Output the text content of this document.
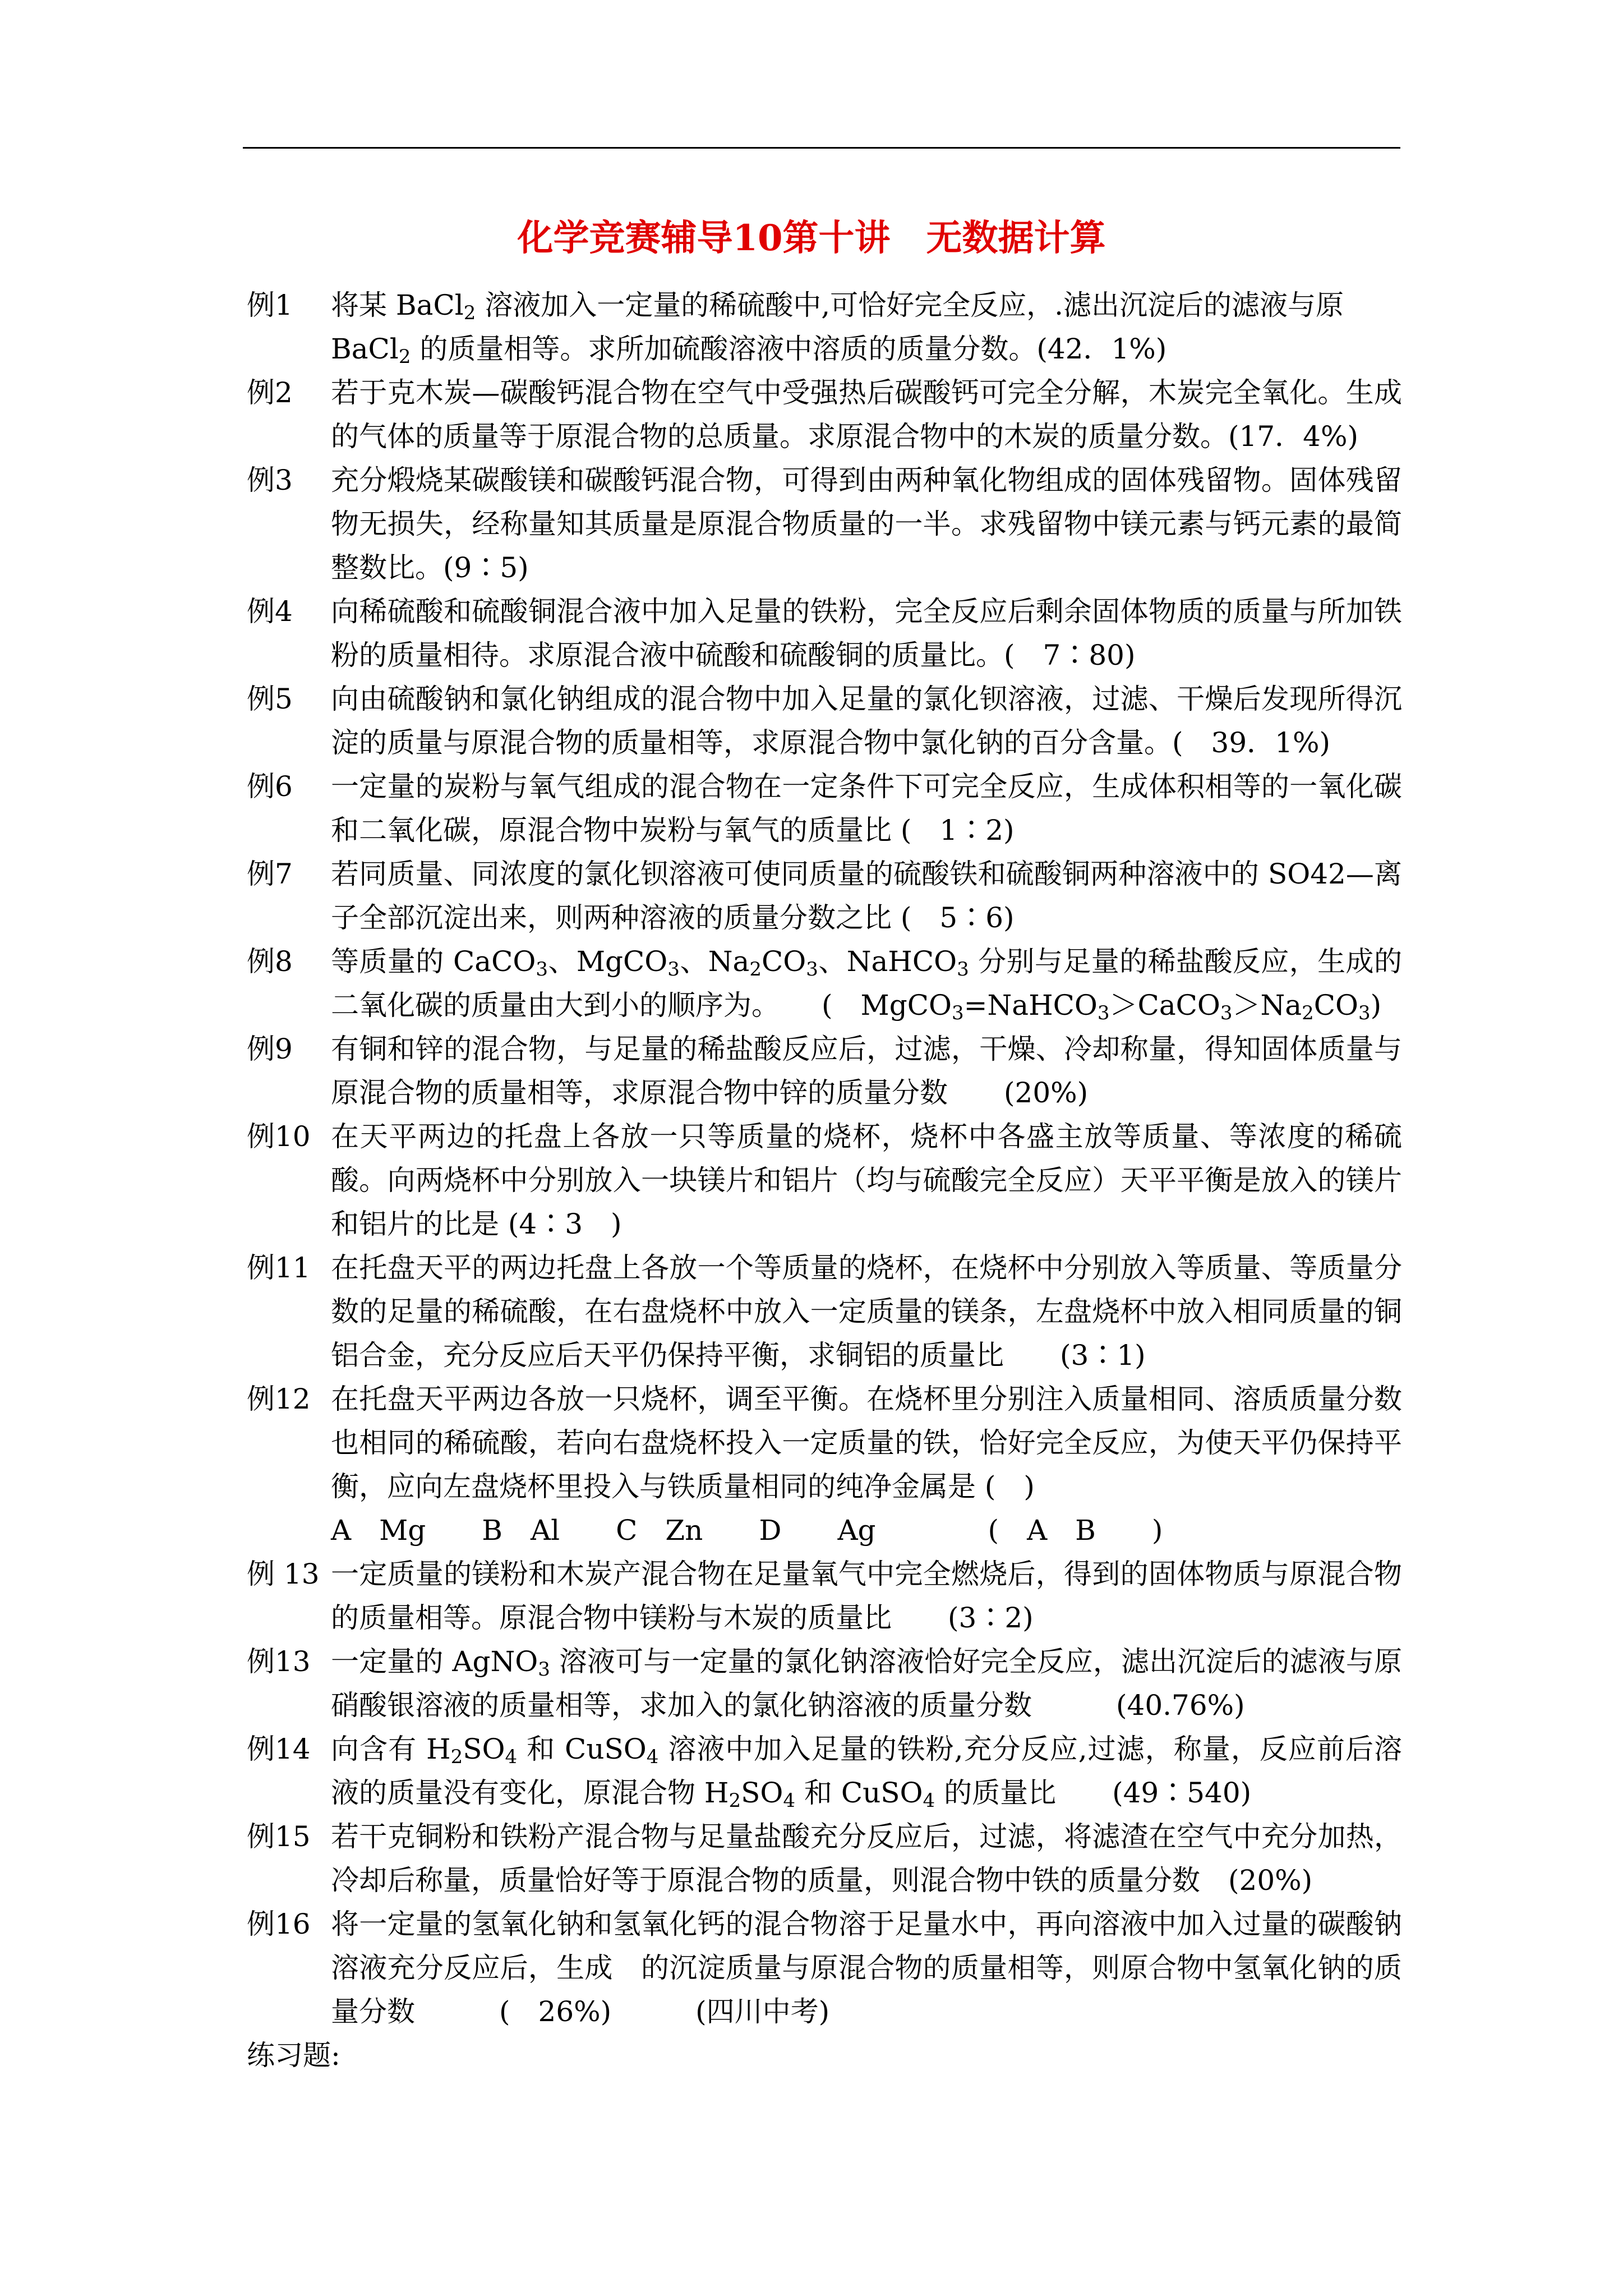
化学竞赛辅导10第十讲　无数据计算
例1	将某 BaCl$_2$ 溶液加入一定量的稀硫酸中,可恰好完全反应，.滤出沉淀后的滤液与原

BaCl$_2$ 的质量相等。求所加硫酸溶液中溶质的质量分数。(42．1%)

例2	若于克木炭—碳酸钙混合物在空气中受强热后碳酸钙可完全分解，木炭完全氧化。生成　的气体的质量等于原混合物的总质量。求原混合物中的木炭的质量分数。(17．4%)

例3	充分煅烧某碳酸镁和碳酸钙混合物，可得到由两种氧化物组成的固体残留物。固体残留物无损失，经称量知其质量是原混合物质量的一半。求残留物中镁元素与钙元素的最简整数比。(9∶5)

例4	向稀硫酸和硫酸铜混合液中加入足量的铁粉，完全反应后剩余固体物质的质量与所加铁粉的质量相待。求原混合液中硫酸和硫酸铜的质量比。(　7∶80)

例5	向由硫酸钠和氯化钠组成的混合物中加入足量的氯化钡溶液，过滤、干燥后发现所得沉淀的质量与原混合物的质量相等，求原混合物中氯化钠的百分含量。(　39．1%)

例6	一定量的炭粉与氧气组成的混合物在一定条件下可完全反应，生成体积相等的一氧化碳和二氧化碳，原混合物中炭粉与氧气的质量比 (　1∶2)

例7	若同质量、同浓度的氯化钡溶液可使同质量的硫酸铁和硫酸铜两种溶液中的 SO42—离子全部沉淀出来，则两种溶液的质量分数之比 (　5∶6)

例8	等质量的 CaCO$_3$、MgCO$_3$、$Na_2CO_3$、NaHCO$_3$ 分别与足量的稀盐酸反应，生成的二氧化碳的质量由大到小的顺序为。　　(　$MgCO_3=NaHCO_3>CaCO_3>Na_2CO_3$)

例9	有铜和锌的混合物，与足量的稀盐酸反应后，过滤，干燥、冷却称量，得知固体质量与原混合物的质量相等，求原混合物中锌的质量分数　　(20%)

例10 在天平两边的托盘上各放一只等质量的烧杯，烧杯中各盛主放等质量、等浓度的稀硫酸。向两烧杯中分别放入一块镁片和铝片（均与硫酸完全反应）天平平衡是放入的镁片和铝片的比是 (4∶3　)

例11 在托盘天平的两边托盘上各放一个等质量的烧杯，在烧杯中分别放入等质量、等质量分数的足量的稀硫酸，在右盘烧杯中放入一定质量的镁条，左盘烧杯中放入相同质量的铜铝合金，充分反应后天平仍保持平衡，求铜铝的质量比　　(3∶1)

例12 在托盘天平两边各放一只烧杯，调至平衡。在烧杯里分别注入质量相同、溶质质量分数也相同的稀硫酸，若向右盘烧杯投入一定质量的铁，恰好完全反应，为使天平仍保持平衡，应向左盘烧杯里投入与铁质量相同的纯净金属是 (　)

A　Mg　　B　Al　　C　Zn　　D　　Ag　　　　(　A　B　　)

例 13 一定质量的镁粉和木炭产混合物在足量氧气中完全燃烧后，得到的固体物质与原混合物的质量相等。原混合物中镁粉与木炭的质量比　　(3∶2)

例13 一定量的 AgNO$_3$ 溶液可与一定量的氯化钠溶液恰好完全反应，滤出沉淀后的滤液与原硝酸银溶液的质量相等，求加入的氯化钠溶液的质量分数　　　(40.76%)

例14 向含有 $H_2SO_4$ 和 CuSO$_4$ 溶液中加入足量的铁粉,充分反应,过滤，称量，反应前后溶液的质量没有变化，原混合物 $H_2SO_4$ 和 CuSO$_4$ 的质量比　　(49∶540)

例15 若干克铜粉和铁粉产混合物与足量盐酸充分反应后，过滤，将滤渣在空气中充分加热，冷却后称量，质量恰好等于原混合物的质量，则混合物中铁的质量分数　(20%)

例16 将一定量的氢氧化钠和氢氧化钙的混合物溶于足量水中，再向溶液中加入过量的碳酸钠溶液充分反应后，生成　的沉淀质量与原混合物的质量相等，则原合物中氢氧化钠的质量分数　　　(　26%)　　　(四川中考)

练习题:
